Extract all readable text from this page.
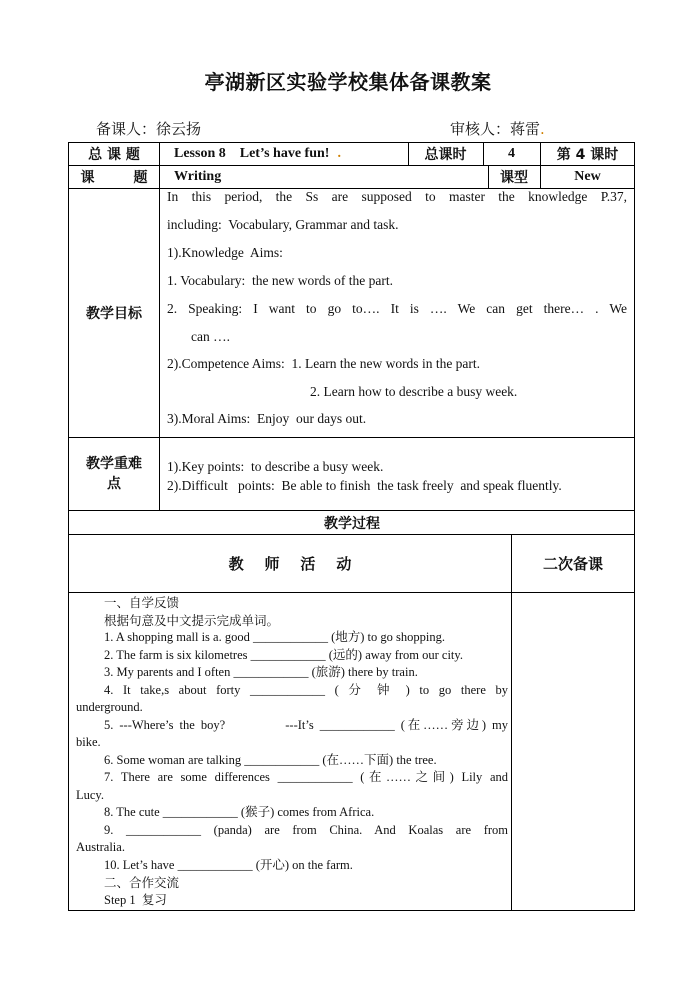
亭湖新区实验学校集体备课教案
备课人：徐云扬	审核人：蒋雷.
总 课 题	Lesson 8    Let’s have fun! .	总课时	4	第 4 课时
课        题	Writing	课型	New
教学目标

In this period, the Ss are supposed to master the knowledge P.37,

including:  Vocabulary, Grammar and task.

1).Knowledge  Aims:

1. Vocabulary:  the new words of the part.

2. Speaking: I want to go to…. It is …. We can get there… . We

can ….

2).Competence Aims:  1. Learn the new words in the part.

2. Learn how to describe a busy week.

3).Moral Aims:  Enjoy  our days out.

教学重难
点
1).Key points:  to describe a busy week.
2).Difficult   points:  Be able to finish  the task freely  and speak fluently.
教学过程
教    师    活    动	二次备课
一、自学反馈
根据句意及中文提示完成单词。
1. A shopping mall is a. good ____________ (地方) to go shopping.
2. The farm is six kilometres ____________ (远的) away from our city.
3. My parents and I often ____________ (旅游) there by train.
4. It take,s about forty ____________ ( 分 钟 ) to go there by
underground.
5. ---Where’s the boy?          ---It’s ____________ (在……旁边) my
bike.
6. Some woman are talking ____________ (在……下面) the tree.
7. There are some differences ____________ (在……之间) Lily and
Lucy.
8. The cute ____________ (猴子) comes from Africa.
9. ____________ (panda) are from China. And Koalas are from
Australia.
10. Let’s have ____________ (开心) on the farm.
二、合作交流
Step 1  复习
